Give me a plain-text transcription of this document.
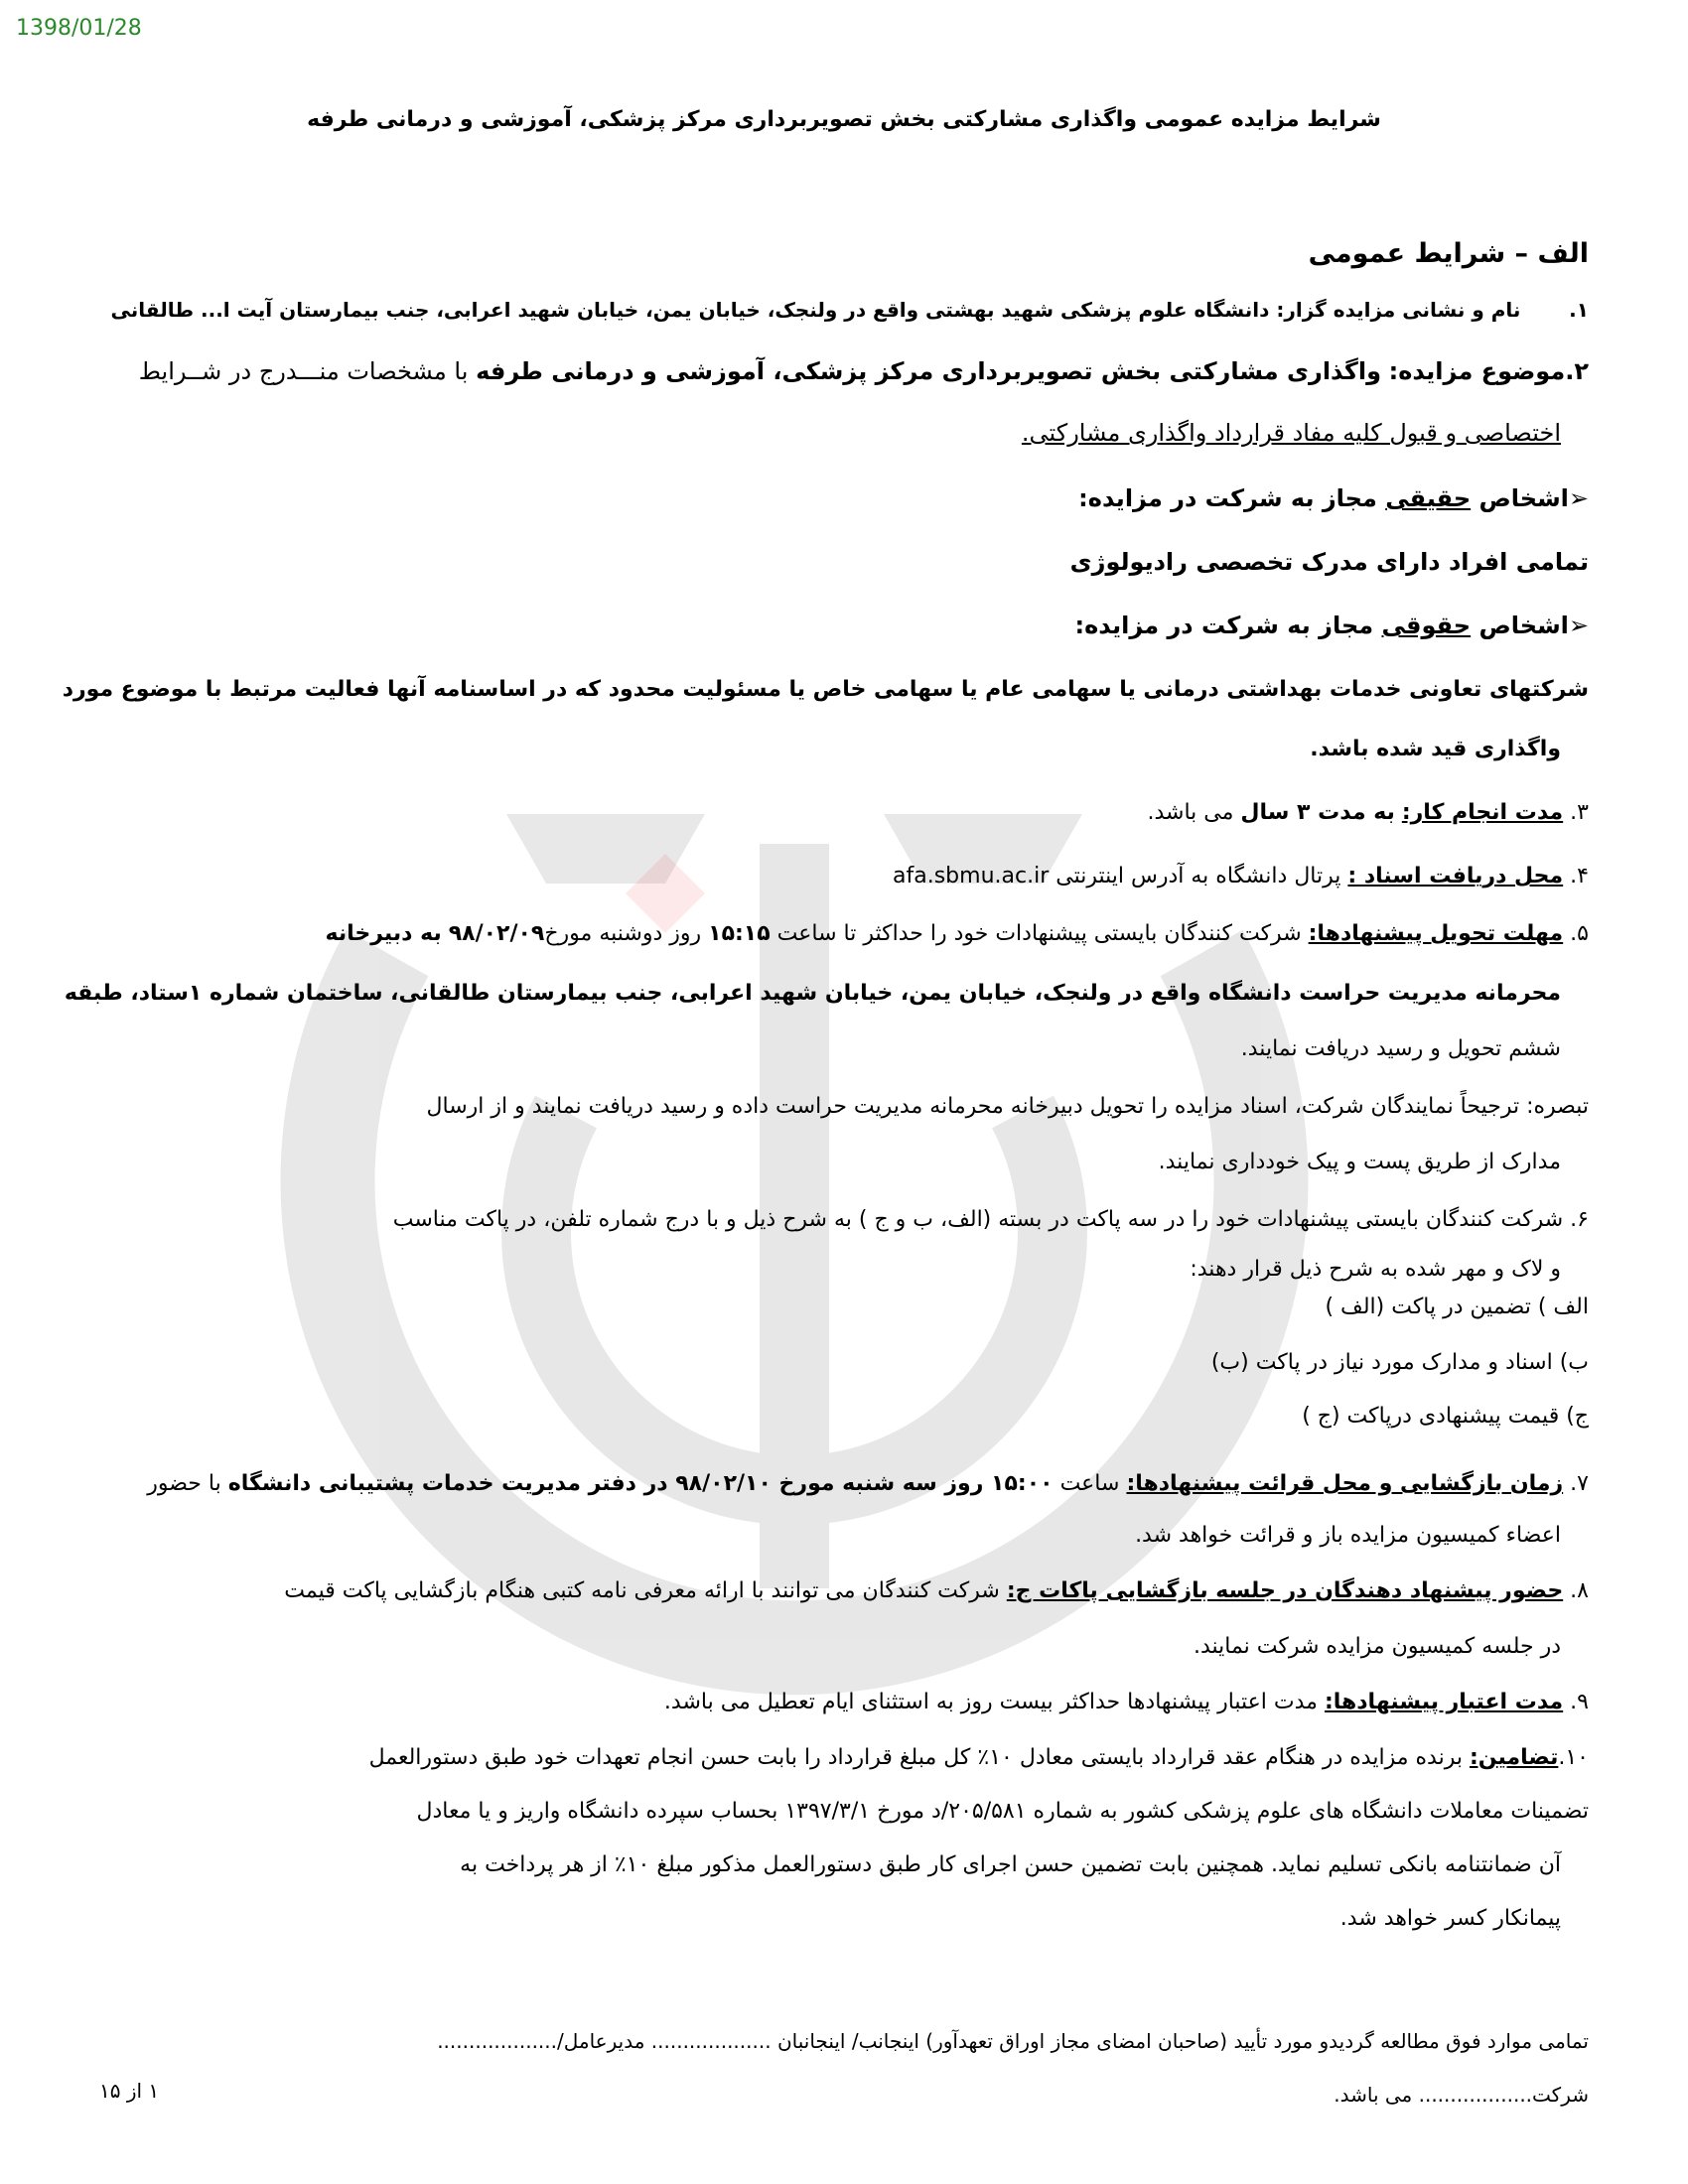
1398/01/28
شرایط مزایده عمومی واگذاری مشارکتی بخش تصویربرداری مرکز پزشکی، آموزشی و درمانی طرفه
الف – شرایط عمومی
۱.       نام و نشانی مزایده گزار: دانشگاه علوم پزشکی شهید بهشتی واقع در ولنجک، خیابان یمن، خیابان شهید اعرابی، جنب بیمارستان آیت ا... طالقانی
۲.موضوع مزایده: واگذاری مشارکتی بخش تصویربرداری مرکز پزشکی، آموزشی و درمانی طرفه با مشخصات منـــدرج در شــرایط
اختصاصی و قبول کلیه مفاد قرارداد واگذاری مشارکتی.
➢اشخاص حقیقی مجاز به شرکت در مزایده:
تمامی افراد دارای مدرک تخصصی رادیولوژی
➢اشخاص حقوقی مجاز به شرکت در مزایده:
شرکتهای تعاونی خدمات بهداشتی درمانی یا سهامی عام یا سهامی خاص یا مسئولیت محدود که در اساسنامه آنها فعالیت مرتبط با موضوع مورد
واگذاری قید شده باشد.
۳. مدت انجام کار: به مدت ۳ سال می باشد.
۴. محل دریافت اسناد : پرتال دانشگاه به آدرس اینترنتی afa.sbmu.ac.ir
۵. مهلت تحویل پیشنهادها: شرکت کنندگان بایستی پیشنهادات خود را حداکثر تا ساعت ۱۵:۱۵ روز دوشنبه مورخ۹۸/۰۲/۰۹ به دبیرخانه
محرمانه مدیریت حراست دانشگاه واقع در ولنجک، خیابان یمن، خیابان شهید اعرابی، جنب بیمارستان طالقانی، ساختمان شماره ۱ستاد، طبقه
ششم تحویل و رسید دریافت نمایند.
تبصره: ترجیحاً نمایندگان شرکت، اسناد مزایده را تحویل دبیرخانه محرمانه مدیریت حراست داده و رسید دریافت نمایند و از ارسال
مدارک از طریق پست و پیک خودداری نمایند.
۶. شرکت کنندگان بایستی پیشنهادات خود را در سه پاکت در بسته (الف، ب و ج ) به شرح ذیل و با درج شماره تلفن، در پاکت مناسب
و لاک و مهر شده به شرح ذیل قرار دهند:
الف ) تضمین در پاکت (الف )
ب) اسناد و مدارک مورد نیاز در پاکت (ب)
ج) قیمت پیشنهادی درپاکت (ج )
۷. زمان بازگشایی و محل قرائت پیشنهادها: ساعت ۱۵:۰۰ روز سه شنبه مورخ ۹۸/۰۲/۱۰ در دفتر مدیریت خدمات پشتیبانی دانشگاه با حضور
اعضاء کمیسیون مزایده باز و قرائت خواهد شد.
۸. حضور پیشنهاد دهندگان در جلسه بازگشایی پاکات ج: شرکت کنندگان می توانند با ارائه معرفی نامه کتبی هنگام بازگشایی پاکت قیمت
در جلسه کمیسیون مزایده شرکت نمایند.
۹. مدت اعتبار پیشنهادها: مدت اعتبار پیشنهادها حداکثر بیست روز به استثنای ایام تعطیل می باشد.
۱۰.تضامین: برنده مزایده در هنگام عقد قرارداد بایستی معادل ۱۰٪ کل مبلغ قرارداد را بابت حسن انجام تعهدات خود طبق دستورالعمل
تضمینات معاملات دانشگاه های علوم پزشکی کشور به شماره ۲۰۵/۵۸۱/د مورخ ۱۳۹۷/۳/۱ بحساب سپرده دانشگاه واریز و یا معادل
آن ضمانتنامه بانکی تسلیم نماید. همچنین بابت تضمین حسن اجرای کار طبق دستورالعمل مذکور مبلغ ۱۰٪ از هر پرداخت به
پیمانکار کسر خواهد شد.
تمامی موارد فوق مطالعه گردیدو مورد تأیید (صاحبان امضای مجاز اوراق تعهدآور) اینجانب/ اینجانبان ................... مدیرعامل/...................
شرکت.................. می باشد.
۱ از ۱۵
